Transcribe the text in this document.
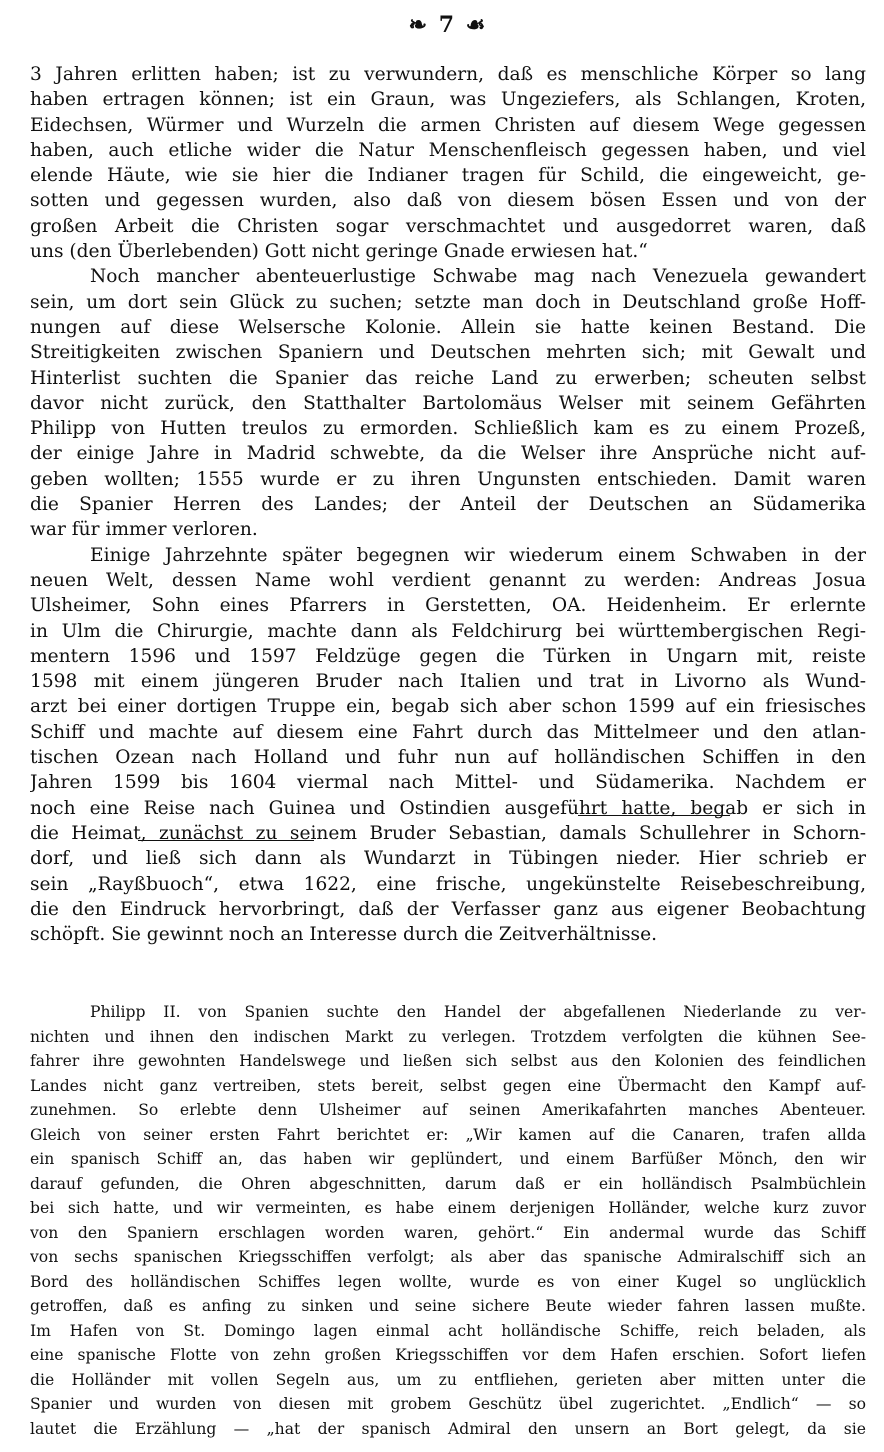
❧ 7 ☙
3 Jahren erlitten haben; ist zu verwundern, daß es menschliche Körper so lang
haben ertragen können; ist ein Graun, was Ungeziefers, als Schlangen, Kroten,
Eidechsen, Würmer und Wurzeln die armen Christen auf diesem Wege gegessen
haben, auch etliche wider die Natur Menschenfleisch gegessen haben, und viel
elende Häute, wie sie hier die Indianer tragen für Schild, die eingeweicht, ge-
sotten und gegessen wurden, also daß von diesem bösen Essen und von der
großen Arbeit die Christen sogar verschmachtet und ausgedorret waren, daß
uns (den Überlebenden) Gott nicht geringe Gnade erwiesen hat.“
Noch mancher abenteuerlustige Schwabe mag nach Venezuela gewandert
sein, um dort sein Glück zu suchen; setzte man doch in Deutschland große Hoff-
nungen auf diese Welsersche Kolonie. Allein sie hatte keinen Bestand. Die
Streitigkeiten zwischen Spaniern und Deutschen mehrten sich; mit Gewalt und
Hinterlist suchten die Spanier das reiche Land zu erwerben; scheuten selbst
davor nicht zurück, den Statthalter Bartolomäus Welser mit seinem Gefährten
Philipp von Hutten treulos zu ermorden. Schließlich kam es zu einem Prozeß,
der einige Jahre in Madrid schwebte, da die Welser ihre Ansprüche nicht auf-
geben wollten; 1555 wurde er zu ihren Ungunsten entschieden. Damit waren
die Spanier Herren des Landes; der Anteil der Deutschen an Südamerika
war für immer verloren.
Einige Jahrzehnte später begegnen wir wiederum einem Schwaben in der
neuen Welt, dessen Name wohl verdient genannt zu werden: Andreas Josua
Ulsheimer, Sohn eines Pfarrers in Gerstetten, OA. Heidenheim. Er erlernte
in Ulm die Chirurgie, machte dann als Feldchirurg bei württembergischen Regi-
mentern 1596 und 1597 Feldzüge gegen die Türken in Ungarn mit, reiste
1598 mit einem jüngeren Bruder nach Italien und trat in Livorno als Wund-
arzt bei einer dortigen Truppe ein, begab sich aber schon 1599 auf ein friesisches
Schiff und machte auf diesem eine Fahrt durch das Mittelmeer und den atlan-
tischen Ozean nach Holland und fuhr nun auf holländischen Schiffen in den
Jahren 1599 bis 1604 viermal nach Mittel- und Südamerika. Nachdem er
noch eine Reise nach Guinea und Ostindien ausgeführt hatte, begab er sich in
die Heimat, zunächst zu seinem Bruder Sebastian, damals Schullehrer in Schorn-
dorf, und ließ sich dann als Wundarzt in Tübingen nieder. Hier schrieb er
sein „Rayßbuoch“, etwa 1622, eine frische, ungekünstelte Reisebeschreibung,
die den Eindruck hervorbringt, daß der Verfasser ganz aus eigener Beobachtung
schöpft. Sie gewinnt noch an Interesse durch die Zeitverhältnisse.
Philipp II. von Spanien suchte den Handel der abgefallenen Niederlande zu ver-
nichten und ihnen den indischen Markt zu verlegen. Trotzdem verfolgten die kühnen See-
fahrer ihre gewohnten Handelswege und ließen sich selbst aus den Kolonien des feindlichen
Landes nicht ganz vertreiben, stets bereit, selbst gegen eine Übermacht den Kampf auf-
zunehmen. So erlebte denn Ulsheimer auf seinen Amerikafahrten manches Abenteuer.
Gleich von seiner ersten Fahrt berichtet er: „Wir kamen auf die Canaren, trafen allda
ein spanisch Schiff an, das haben wir geplündert, und einem Barfüßer Mönch, den wir
darauf gefunden, die Ohren abgeschnitten, darum daß er ein holländisch Psalmbüchlein
bei sich hatte, und wir vermeinten, es habe einem derjenigen Holländer, welche kurz zuvor
von den Spaniern erschlagen worden waren, gehört.“ Ein andermal wurde das Schiff
von sechs spanischen Kriegsschiffen verfolgt; als aber das spanische Admiralschiff sich an
Bord des holländischen Schiffes legen wollte, wurde es von einer Kugel so unglücklich
getroffen, daß es anfing zu sinken und seine sichere Beute wieder fahren lassen mußte.
Im Hafen von St. Domingo lagen einmal acht holländische Schiffe, reich beladen, als
eine spanische Flotte von zehn großen Kriegsschiffen vor dem Hafen erschien. Sofort liefen
die Holländer mit vollen Segeln aus, um zu entfliehen, gerieten aber mitten unter die
Spanier und wurden von diesen mit grobem Geschütz übel zugerichtet. „Endlich“ — so
lautet die Erzählung — „hat der spanisch Admiral den unsern an Bort gelegt, da sie
